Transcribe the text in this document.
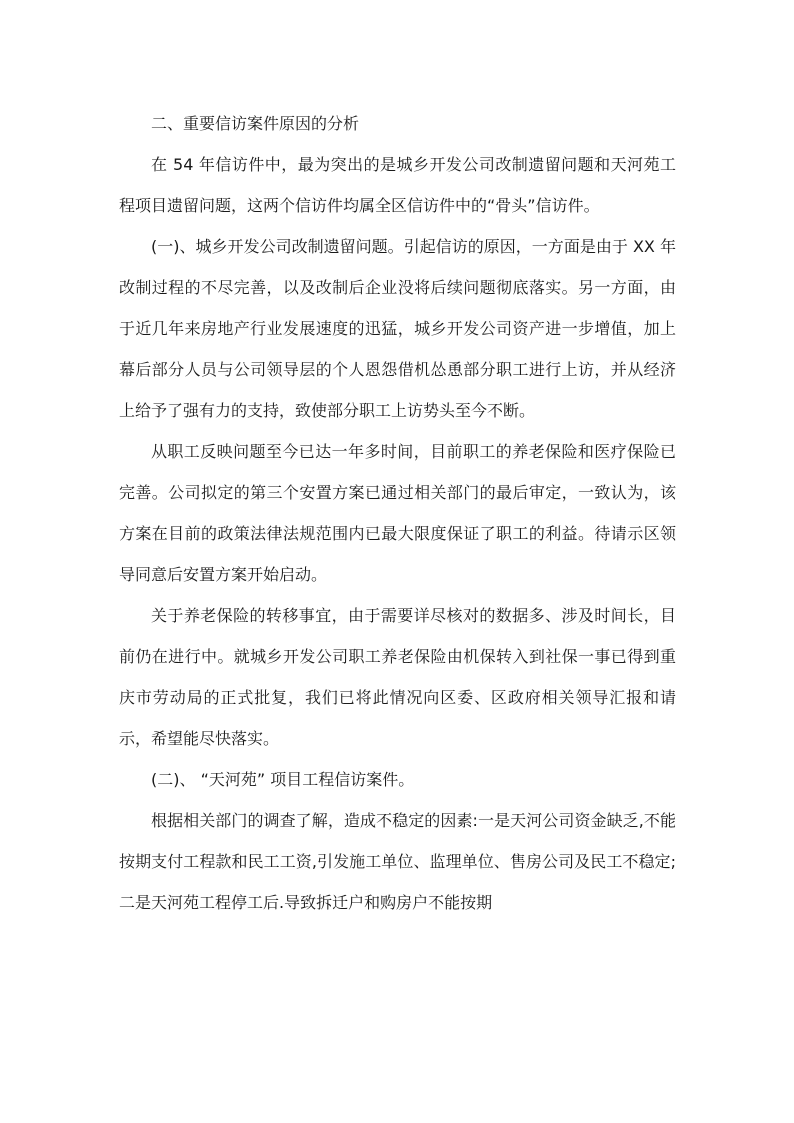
二、重要信访案件原因的分析

在 54 年信访件中，最为突出的是城乡开发公司改制遗留问题和天河苑工程项目遗留问题，这两个信访件均属全区信访件中的“骨头”信访件。

(一)、城乡开发公司改制遗留问题。引起信访的原因，一方面是由于 XX 年改制过程的不尽完善，以及改制后企业没将后续问题彻底落实。另一方面，由于近几年来房地产行业发展速度的迅猛，城乡开发公司资产进一步增值，加上幕后部分人员与公司领导层的个人恩怨借机怂恿部分职工进行上访，并从经济上给予了强有力的支持，致使部分职工上访势头至今不断。

从职工反映问题至今已达一年多时间，目前职工的养老保险和医疗保险已完善。公司拟定的第三个安置方案已通过相关部门的最后审定，一致认为，该方案在目前的政策法律法规范围内已最大限度保证了职工的利益。待请示区领导同意后安置方案开始启动。

关于养老保险的转移事宜，由于需要详尽核对的数据多、涉及时间长，目前仍在进行中。就城乡开发公司职工养老保险由机保转入到社保一事已得到重庆市劳动局的正式批复，我们已将此情况向区委、区政府相关领导汇报和请示，希望能尽快落实。

(二)、 “天河苑” 项目工程信访案件。

根据相关部门的调查了解，造成不稳定的因素:一是天河公司资金缺乏,不能按期支付工程款和民工工资,引发施工单位、监理单位、售房公司及民工不稳定;二是天河苑工程停工后.导致拆迁户和购房户不能按期
